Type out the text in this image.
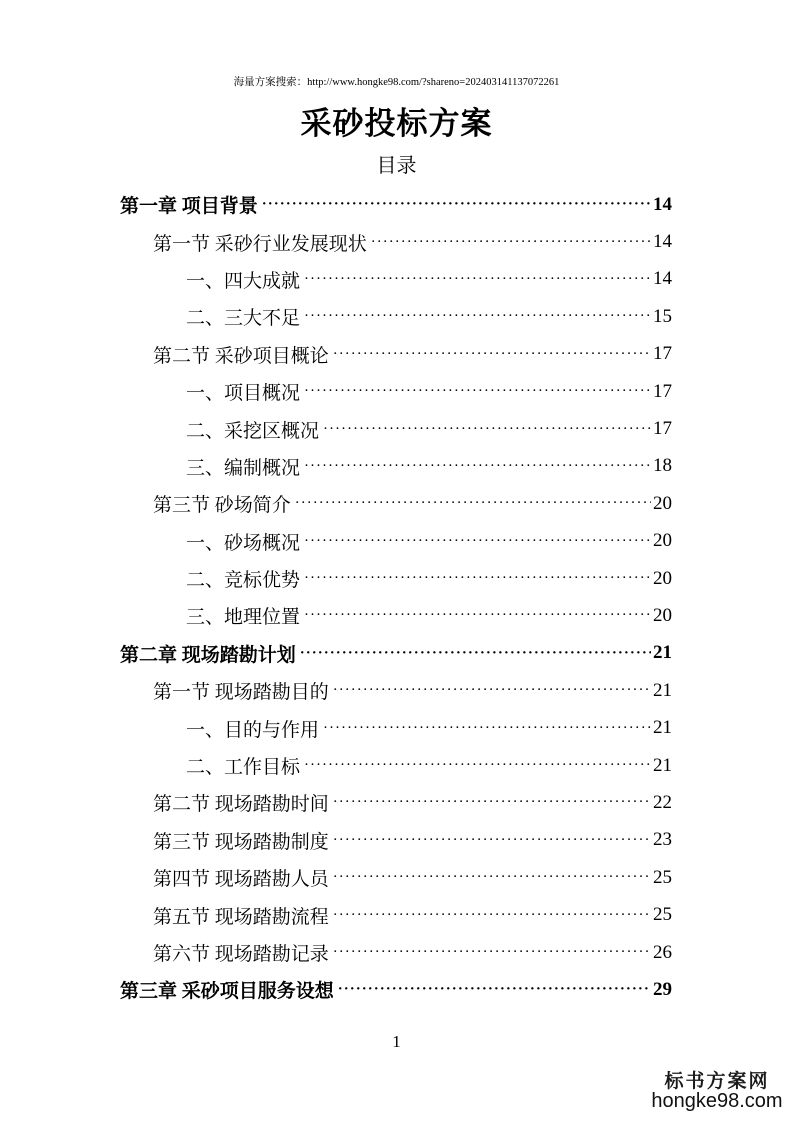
海量方案搜索：http://www.hongke98.com/?shareno=202403141137072261
采砂投标方案
目录
第一章 项目背景 ·····	14
第一节 采砂行业发展现状 ·····	14
一、四大成就 ·····	14
二、三大不足 ·····	15
第二节 采砂项目概论 ·····	17
一、项目概况 ·····	17
二、采挖区概况 ·····	17
三、编制概况 ·····	18
第三节 砂场简介 ·····	20
一、砂场概况 ·····	20
二、竞标优势 ·····	20
三、地理位置 ·····	20
第二章 现场踏勘计划 ·····	21
第一节 现场踏勘目的 ·····	21
一、目的与作用 ·····	21
二、工作目标 ·····	21
第二节 现场踏勘时间 ·····	22
第三节 现场踏勘制度 ·····	23
第四节 现场踏勘人员 ·····	25
第五节 现场踏勘流程 ·····	25
第六节 现场踏勘记录 ·····	26
第三章 采砂项目服务设想 ·····	29
1
标书方案网
hongke98.com
